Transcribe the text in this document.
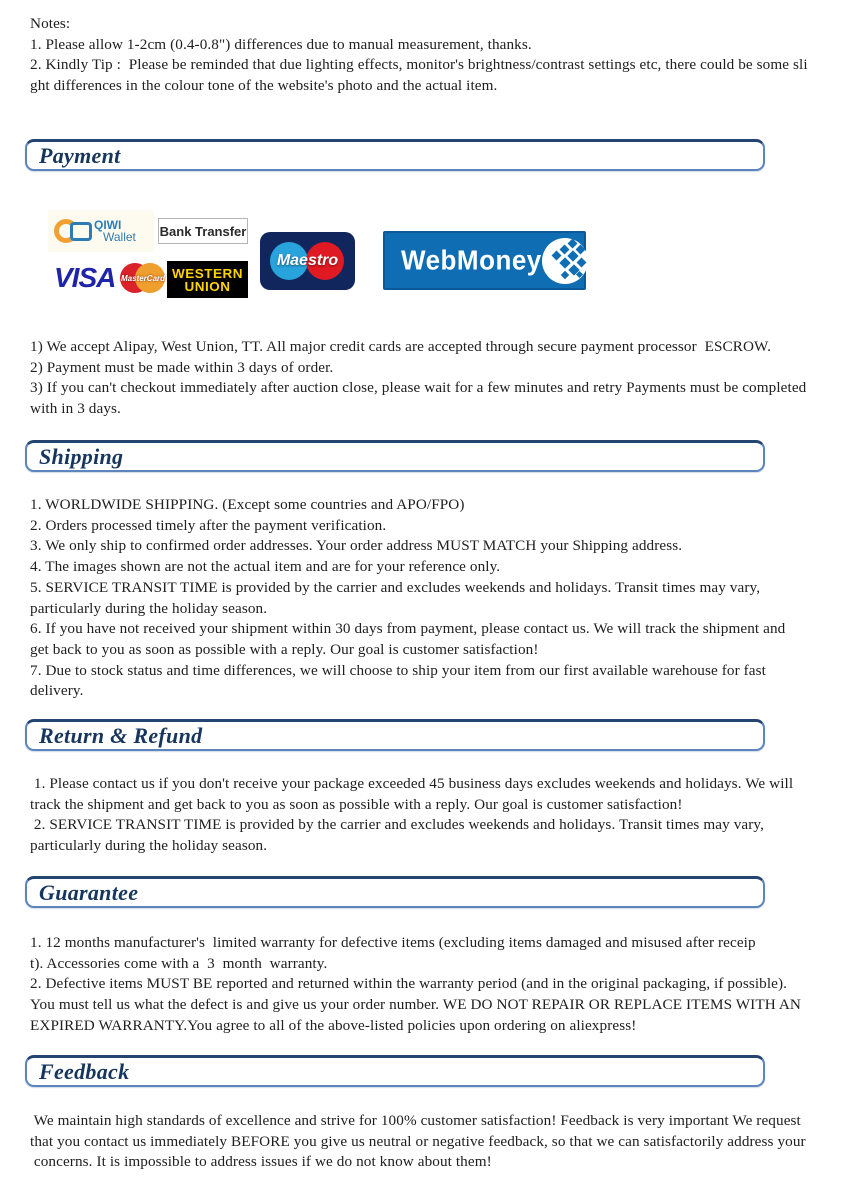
Notes:
1. Please allow 1-2cm (0.4-0.8") differences due to manual measurement, thanks.
2. Kindly Tip :  Please be reminded that due lighting effects, monitor's brightness/contrast settings etc, there could be some sli
ght differences in the colour tone of the website's photo and the actual item.
Payment
QIWI
Wallet Bank Transfer
VISA MasterCard WESTERN
UNION
Maestro	WebMoney
1) We accept Alipay, West Union, TT. All major credit cards are accepted through secure payment processor  ESCROW.
2) Payment must be made within 3 days of order.
3) If you can't checkout immediately after auction close, please wait for a few minutes and retry Payments must be completed
with in 3 days.
Shipping
1. WORLDWIDE SHIPPING. (Except some countries and APO/FPO)
2. Orders processed timely after the payment verification.
3. We only ship to confirmed order addresses. Your order address MUST MATCH your Shipping address.
4. The images shown are not the actual item and are for your reference only.
5. SERVICE TRANSIT TIME is provided by the carrier and excludes weekends and holidays. Transit times may vary,
particularly during the holiday season.
6. If you have not received your shipment within 30 days from payment, please contact us. We will track the shipment and
get back to you as soon as possible with a reply. Our goal is customer satisfaction!
7. Due to stock status and time differences, we will choose to ship your item from our first available warehouse for fast
delivery.
Return & Refund
1. Please contact us if you don't receive your package exceeded 45 business days excludes weekends and holidays. We will
track the shipment and get back to you as soon as possible with a reply. Our goal is customer satisfaction!
2. SERVICE TRANSIT TIME is provided by the carrier and excludes weekends and holidays. Transit times may vary,
particularly during the holiday season.
Guarantee
1. 12 months manufacturer's  limited warranty for defective items (excluding items damaged and misused after receip
t). Accessories come with a  3  month  warranty.
2. Defective items MUST BE reported and returned within the warranty period (and in the original packaging, if possible).
You must tell us what the defect is and give us your order number. WE DO NOT REPAIR OR REPLACE ITEMS WITH AN
EXPIRED WARRANTY.You agree to all of the above-listed policies upon ordering on aliexpress!
Feedback
We maintain high standards of excellence and strive for 100% customer satisfaction! Feedback is very important We request
that you contact us immediately BEFORE you give us neutral or negative feedback, so that we can satisfactorily address your
concerns. It is impossible to address issues if we do not know about them!
